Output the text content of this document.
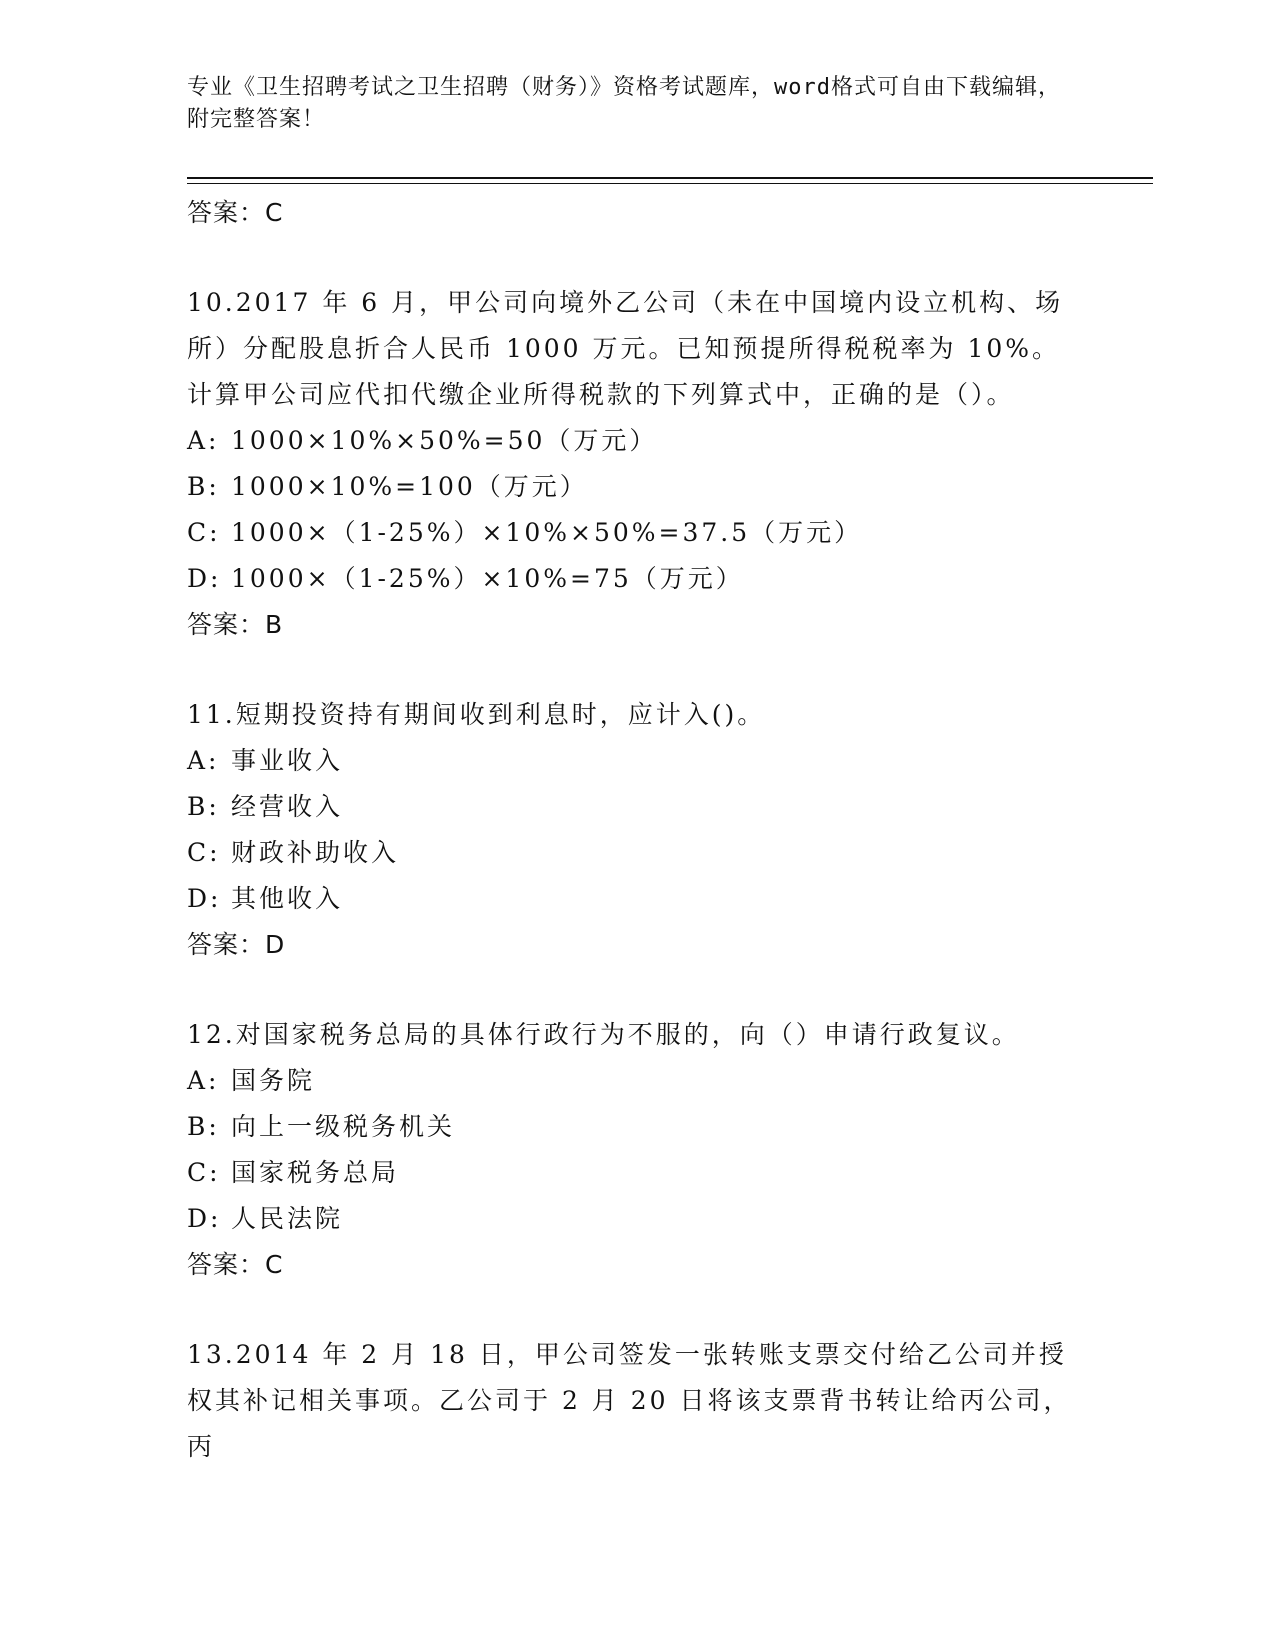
专业《卫生招聘考试之卫生招聘（财务）》资格考试题库，word格式可自由下载编辑，附完整答案！

答案：C

10.2017 年 6 月，甲公司向境外乙公司（未在中国境内设立机构、场所）分配股息折合人民币 1000 万元。已知预提所得税税率为 10%。计算甲公司应代扣代缴企业所得税款的下列算式中，正确的是（）。

A: 1000×10%×50%=50（万元）

B: 1000×10%=100（万元）

C: 1000×（1-25%）×10%×50%=37.5（万元）

D: 1000×（1-25%）×10%=75（万元）

答案：B

11.短期投资持有期间收到利息时，应计入()。

A: 事业收入

B: 经营收入

C: 财政补助收入

D: 其他收入

答案：D

12.对国家税务总局的具体行政行为不服的，向（）申请行政复议。

A: 国务院

B: 向上一级税务机关

C: 国家税务总局

D: 人民法院

答案：C

13.2014 年 2 月 18 日，甲公司签发一张转账支票交付给乙公司并授权其补记相关事项。乙公司于 2 月 20 日将该支票背书转让给丙公司，丙
